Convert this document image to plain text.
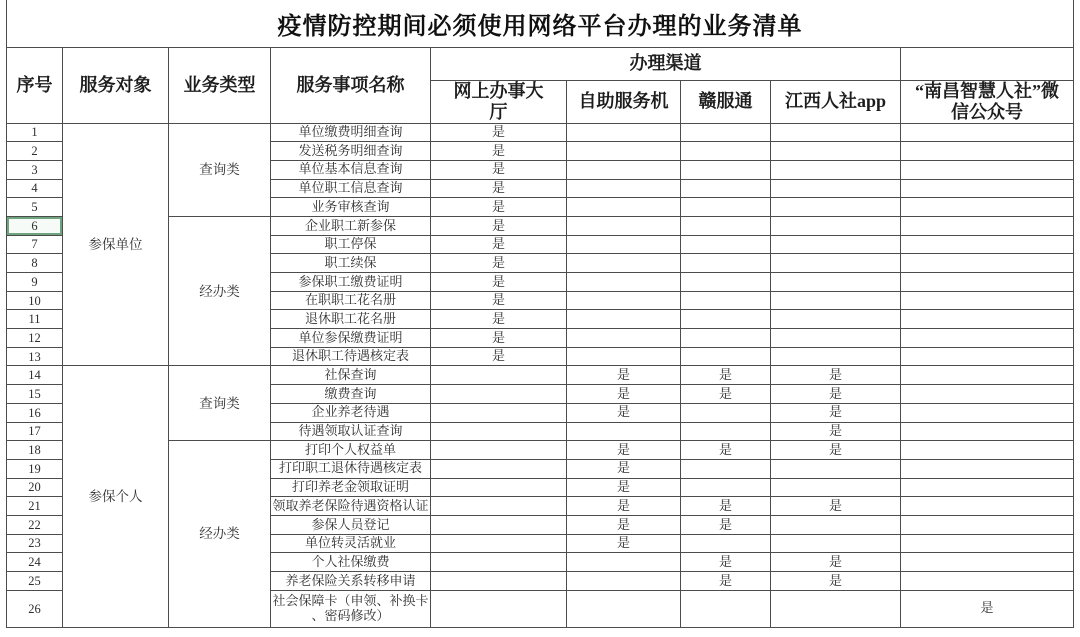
疫情防控期间必须使用网络平台办理的业务清单								
序号	服务对象	业务类型	服务事项名称	办理渠道				
				网上办事大厅	自助服务机	赣服通	江西人社app	“南昌智慧人社”微信公众号
1	参保单位	查询类	单位缴费明细查询	是				
2			发送税务明细查询	是				
3			单位基本信息查询	是				
4			单位职工信息查询	是				
5			业务审核查询	是				
6		经办类	企业职工新参保	是				
7			职工停保	是				
8			职工续保	是				
9			参保职工缴费证明	是				
10			在职职工花名册	是				
11			退休职工花名册	是				
12			单位参保缴费证明	是				
13			退休职工待遇核定表	是				
14	参保个人	查询类	社保查询		是	是	是	
15			缴费查询		是	是	是	
16			企业养老待遇		是		是	
17			待遇领取认证查询				是	
18		经办类	打印个人权益单		是	是	是	
19			打印职工退休待遇核定表		是			
20			打印养老金领取证明		是			
21			领取养老保险待遇资格认证		是	是	是	
22			参保人员登记		是	是		
23			单位转灵活就业		是			
24			个人社保缴费			是	是	
25			养老保险关系转移申请			是	是	
26			社会保障卡（申领、补换卡、密码修改）					是
